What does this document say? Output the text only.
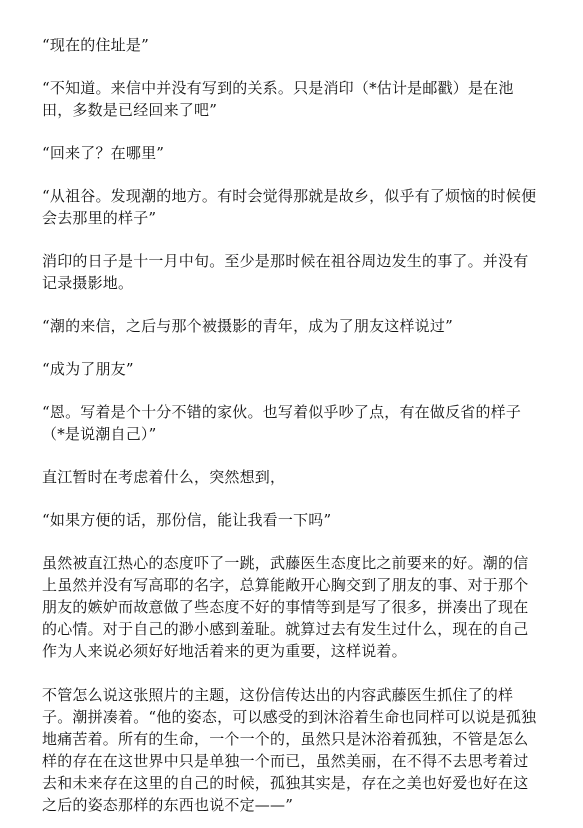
“现在的住址是”

“不知道。来信中并没有写到的关系。只是消印（*估计是邮戳）是在池田，多数是已经回来了吧”

“回来了？在哪里”

“从祖谷。发现潮的地方。有时会觉得那就是故乡，似乎有了烦恼的时候便会去那里的样子”

消印的日子是十一月中旬。至少是那时候在祖谷周边发生的事了。并没有记录摄影地。

“潮的来信，之后与那个被摄影的青年，成为了朋友这样说过”

“成为了朋友”

“恩。写着是个十分不错的家伙。也写着似乎吵了点，有在做反省的样子（*是说潮自己）”

直江暂时在考虑着什么，突然想到，

“如果方便的话，那份信，能让我看一下吗”

虽然被直江热心的态度吓了一跳，武藤医生态度比之前要来的好。潮的信上虽然并没有写高耶的名字，总算能敞开心胸交到了朋友的事、对于那个朋友的嫉妒而故意做了些态度不好的事情等到是写了很多，拼凑出了现在的心情。对于自己的渺小感到羞耻。就算过去有发生过什么，现在的自己作为人来说必须好好地活着来的更为重要，这样说着。

不管怎么说这张照片的主题，这份信传达出的内容武藤医生抓住了的样子。潮拼凑着。“他的姿态，可以感受的到沐浴着生命也同样可以说是孤独地痛苦着。所有的生命，一个一个的，虽然只是沐浴着孤独，不管是怎么样的存在在这世界中只是单独一个而已，虽然美丽，在不得不去思考着过去和未来存在这里的自己的时候，孤独其实是，存在之美也好爱也好在这之后的姿态那样的东西也说不定——”
